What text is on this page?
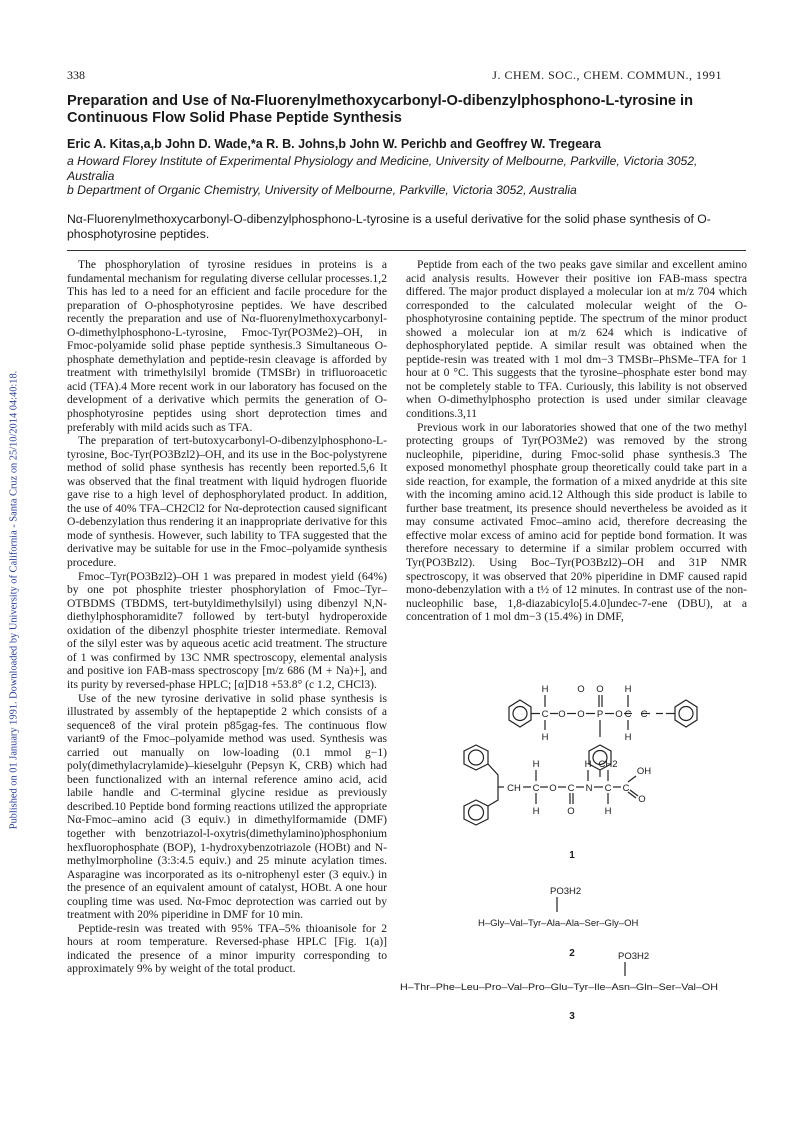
338	J. CHEM. SOC., CHEM. COMMUN., 1991
Published on 01 January 1991. Downloaded by University of California - Santa Cruz on 25/10/2014 04:40:18.
Preparation and Use of Nα-Fluorenylmethoxycarbonyl-O-dibenzylphosphono-L-tyrosine in Continuous Flow Solid Phase Peptide Synthesis
Eric A. Kitas,a,b John D. Wade,*a R. B. Johns,b John W. Perichb and Geoffrey W. Tregeara
a Howard Florey Institute of Experimental Physiology and Medicine, University of Melbourne, Parkville, Victoria 3052, Australia
b Department of Organic Chemistry, University of Melbourne, Parkville, Victoria 3052, Australia
Nα-Fluorenylmethoxycarbonyl-O-dibenzylphosphono-L-tyrosine is a useful derivative for the solid phase synthesis of O-phosphotyrosine peptides.

The phosphorylation of tyrosine residues in proteins is a fundamental mechanism for regulating diverse cellular processes.1,2 This has led to a need for an efficient and facile procedure for the preparation of O-phosphotyrosine peptides. We have described recently the preparation and use of Nα-fluorenylmethoxycarbonyl-O-dimethylphosphono-L-tyrosine, Fmoc-Tyr(PO3Me2)–OH, in Fmoc-polyamide solid phase peptide synthesis.3 Simultaneous O-phosphate demethylation and peptide-resin cleavage is afforded by treatment with trimethylsilyl bromide (TMSBr) in trifluoroacetic acid (TFA).4 More recent work in our laboratory has focused on the development of a derivative which permits the generation of O-phosphotyrosine peptides using short deprotection times and preferably with mild acids such as TFA.

The preparation of tert-butoxycarbonyl-O-dibenzylphosphono-L-tyrosine, Boc-Tyr(PO3Bzl2)–OH, and its use in the Boc-polystyrene method of solid phase synthesis has recently been reported.5,6 It was observed that the final treatment with liquid hydrogen fluoride gave rise to a high level of dephosphorylated product. In addition, the use of 40% TFA–CH2Cl2 for Nα-deprotection caused significant O-debenzylation thus rendering it an inappropriate derivative for this mode of synthesis. However, such lability to TFA suggested that the derivative may be suitable for use in the Fmoc–polyamide synthesis procedure.

Fmoc–Tyr(PO3Bzl2)–OH 1 was prepared in modest yield (64%) by one pot phosphite triester phosphorylation of Fmoc–Tyr–OTBDMS (TBDMS, tert-butyldimethylsilyl) using dibenzyl N,N-diethylphosphoramidite7 followed by tert-butyl hydroperoxide oxidation of the dibenzyl phosphite triester intermediate. Removal of the silyl ester was by aqueous acetic acid treatment. The structure of 1 was confirmed by 13C NMR spectroscopy, elemental analysis and positive ion FAB-mass spectroscopy [m/z 686 (M + Na)+], and its purity by reversed-phase HPLC; [α]D18 +53.8° (c 1.2, CHCl3).

Use of the new tyrosine derivative in solid phase synthesis is illustrated by assembly of the heptapeptide 2 which consists of a sequence8 of the viral protein p85gag-fes. The continuous flow variant9 of the Fmoc–polyamide method was used. Synthesis was carried out manually on low-loading (0.1 mmol g−1) poly(dimethylacrylamide)–kieselguhr (Pepsyn K, CRB) which had been functionalized with an internal reference amino acid, acid labile handle and C-terminal glycine residue as previously described.10 Peptide bond forming reactions utilized the appropriate Nα-Fmoc–amino acid (3 equiv.) in dimethylformamide (DMF) together with benzotriazol-l-oxytris(dimethylamino)phosphonium hexfluorophosphate (BOP), 1-hydroxybenzotriazole (HOBt) and N-methylmorpholine (3:3:4.5 equiv.) and 25 minute acylation times. Asparagine was incorporated as its o-nitrophenyl ester (3 equiv.) in the presence of an equivalent amount of catalyst, HOBt. A one hour coupling time was used. Nα-Fmoc deprotection was carried out by treatment with 20% piperidine in DMF for 10 min.

Peptide-resin was treated with 95% TFA–5% thioanisole for 2 hours at room temperature. Reversed-phase HPLC [Fig. 1(a)] indicated the presence of a minor impurity corresponding to approximately 9% by weight of the total product.

Peptide from each of the two peaks gave similar and excellent amino acid analysis results. However their positive ion FAB-mass spectra differed. The major product displayed a molecular ion at m/z 704 which corresponded to the calculated molecular weight of the O-phosphotyrosine containing peptide. The spectrum of the minor product showed a molecular ion at m/z 624 which is indicative of dephosphorylated peptide. A similar result was obtained when the peptide-resin was treated with 1 mol dm−3 TMSBr–PhSMe–TFA for 1 hour at 0 °C. This suggests that the tyrosine–phosphate ester bond may not be completely stable to TFA. Curiously, this lability is not observed when O-dimethylphospho protection is used under similar cleavage conditions.3,11

Previous work in our laboratories showed that one of the two methyl protecting groups of Tyr(PO3Me2) was removed by the strong nucleophile, piperidine, during Fmoc-solid phase synthesis.3 The exposed monomethyl phosphate group theoretically could take part in a side reaction, for example, the formation of a mixed anydride at this site with the incoming amino acid.12 Although this side product is labile to further base treatment, its presence should nevertheless be avoided as it may consume activated Fmoc–amino acid, therefore decreasing the effective molar excess of amino acid for peptide bond formation. It was therefore necessary to determine if a similar problem occurred with Tyr(PO3Bzl2). Using Boc–Tyr(PO3Bzl2)–OH and 31P NMR spectroscopy, it was observed that 20% piperidine in DMF caused rapid mono-debenzylation with a t½ of 12 minutes. In contrast use of the non-nucleophilic base, 1,8-diazabicylo[5.4.0]undec-7-ene (DBU), at a concentration of 1 mol dm−3 (15.4%) in DMF,

H
C
H
O
O
P
O
O
H
C
H
O	C
CH
H
C
H
O C
O
N
H
C
CH2
H
C
OH
O
1
PO3H2
H–Gly–Val–Tyr–Ala–Ala–Ser–Gly–OH
2	PO3H2
H–Thr–Phe–Leu–Pro–Val–Pro–Glu–Tyr–Ile–Asn–Gln–Ser–Val–OH
3
